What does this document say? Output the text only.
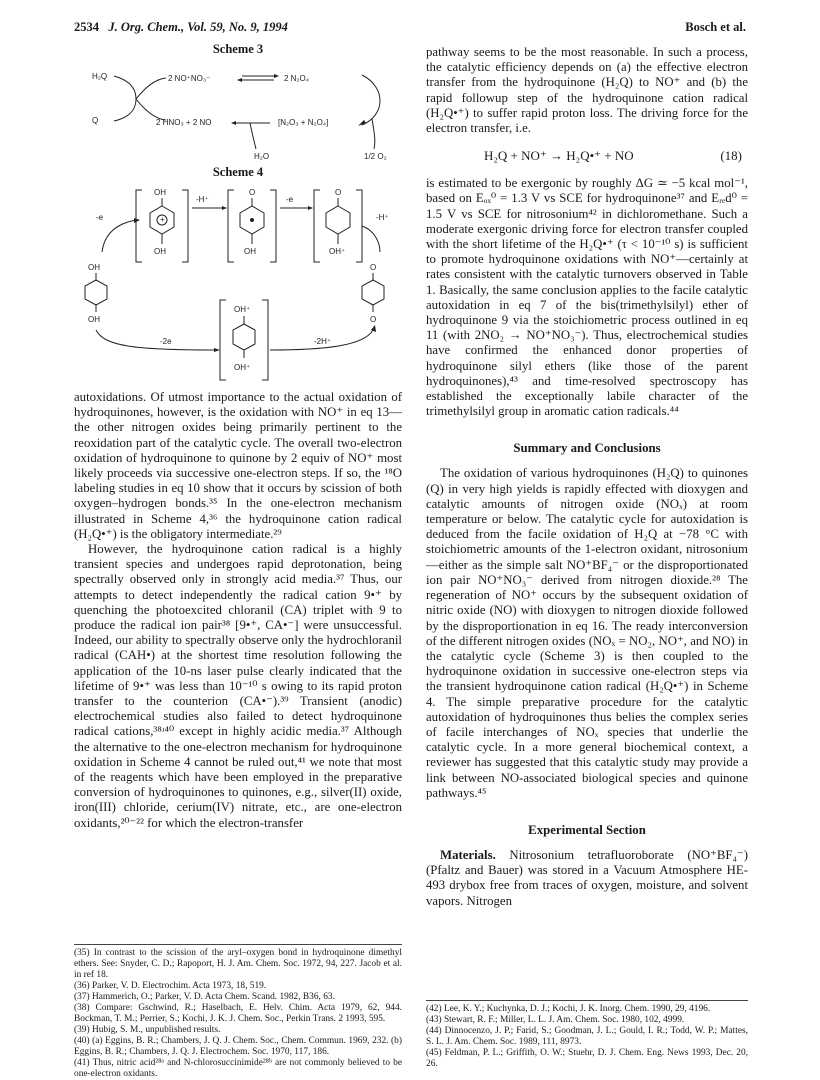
2534 J. Org. Chem., Vol. 59, No. 9, 1994	Bosch et al.
Scheme 3
H₂Q
Q
2 NO⁺NO₃⁻	2 N₂O₄
2 HNO₃ + 2 NO
H₂O
[N₂O₃ + N₂O₄]
1/2 O₂
Scheme 4
+
OH
OH
-H⁺
O
OH
-e
O
OH⁺
-H⁺
-e
OH
OH
O
O
OH⁺
OH⁺
-2e	-2H⁺

autoxidations. Of utmost importance to the actual oxidation of hydroquinones, however, is the oxidation with NO⁺ in eq 13—the other nitrogen oxides being primarily pertinent to the reoxidation part of the catalytic cycle. The overall two-electron oxidation of hydroquinone to quinone by 2 equiv of NO⁺ most likely proceeds via successive one-electron steps. If so, the ¹⁸O labeling studies in eq 10 show that it occurs by scission of both oxygen–hydrogen bonds.³⁵ In the one-electron mechanism illustrated in Scheme 4,³⁶ the hydroquinone cation radical (H₂Q•⁺) is the obligatory intermediate.²⁹

However, the hydroquinone cation radical is a highly transient species and undergoes rapid deprotonation, being spectrally observed only in strongly acid media.³⁷ Thus, our attempts to detect independently the radical cation 9•⁺ by quenching the photoexcited chloranil (CA) triplet with 9 to produce the radical ion pair³⁸ [9•⁺, CA•⁻] were unsuccessful. Indeed, our ability to spectrally observe only the hydrochloranil radical (CAH•) at the shortest time resolution following the application of the 10-ns laser pulse clearly indicated that the lifetime of 9•⁺ was less than 10⁻¹⁰ s owing to its rapid proton transfer to the counterion (CA•⁻).³⁹ Transient (anodic) electrochemical studies also failed to detect hydroquinone radical cations,³⁸ʴ⁴⁰ except in highly acidic media.³⁷ Although the alternative to the one-electron mechanism for hydroquinone oxidation in Scheme 4 cannot be ruled out,⁴¹ we note that most of the reagents which have been employed in the preparative conversion of hydroquinones to quinones, e.g., silver(II) oxide, iron(III) chloride, cerium(IV) nitrate, etc., are one-electron oxidants,²⁰⁻²² for which the electron-transfer

(35) In contrast to the scission of the aryl–oxygen bond in hydroquinone dimethyl ethers. See: Snyder, C. D.; Rapoport, H. J. Am. Chem. Soc. 1972, 94, 227. Jacob et al. in ref 18.

(36) Parker, V. D. Electrochim. Acta 1973, 18, 519.

(37) Hammerich, O.; Parker, V. D. Acta Chem. Scand. 1982, B36, 63.

(38) Compare: Gschwind, R.; Haselbach, E. Helv. Chim. Acta 1979, 62, 944. Bockman, T. M.; Perrier, S.; Kochi, J. K. J. Chem. Soc., Perkin Trans. 2 1993, 595.

(39) Hubig, S. M., unpublished results.

(40) (a) Eggins, B. R.; Chambers, J. Q. J. Chem. Soc., Chem. Commun. 1969, 232. (b) Eggins, B. R.; Chambers, J. Q. J. Electrochem. Soc. 1970, 117, 186.

(41) Thus, nitric acid²⁸ᵃ and N-chlorosuccinimide²⁸ᵇ are not commonly believed to be one-electron oxidants.

pathway seems to be the most reasonable. In such a process, the catalytic efficiency depends on (a) the effective electron transfer from the hydroquinone (H₂Q) to NO⁺ and (b) the rapid followup step of the hydroquinone cation radical (H₂Q•⁺) to suffer rapid proton loss. The driving force for the electron transfer, i.e.

H₂Q + NO⁺ → H₂Q•⁺ + NO	(18)

is estimated to be exergonic by roughly ΔG ≃ −5 kcal mol⁻¹, based on Eₒₓ⁰ = 1.3 V vs SCE for hydroquinone³⁷ and Eᵣₑd⁰ = 1.5 V vs SCE for nitrosonium⁴² in dichloromethane. Such a moderate exergonic driving force for electron transfer coupled with the short lifetime of the H₂Q•⁺ (τ < 10⁻¹⁰ s) is sufficient to promote hydroquinone oxidations with NO⁺—certainly at rates consistent with the catalytic turnovers observed in Table 1. Basically, the same conclusion applies to the facile catalytic autoxidation in eq 7 of the bis(trimethylsilyl) ether of hydroquinone 9 via the stoichiometric process outlined in eq 11 (with 2NO₂ → NO⁺NO₃⁻). Thus, electrochemical studies have confirmed the enhanced donor properties of hydroquinone silyl ethers (like those of the parent hydroquinones),⁴³ and time-resolved spectroscopy has established the exceptionally labile character of the trimethylsilyl group in aromatic cation radicals.⁴⁴

Summary and Conclusions

The oxidation of various hydroquinones (H₂Q) to quinones (Q) in very high yields is rapidly effected with dioxygen and catalytic amounts of nitrogen oxide (NOₓ) at room temperature or below. The catalytic cycle for autoxidation is deduced from the facile oxidation of H₂Q at −78 °C with stoichiometric amounts of the 1-electron oxidant, nitrosonium—either as the simple salt NO⁺BF₄⁻ or the disproportionated ion pair NO⁺NO₃⁻ derived from nitrogen dioxide.²⁸ The regeneration of NO⁺ occurs by the subsequent oxidation of nitric oxide (NO) with dioxygen to nitrogen dioxide followed by the disproportionation in eq 16. The ready interconversion of the different nitrogen oxides (NOₓ = NO₂, NO⁺, and NO) in the catalytic cycle (Scheme 3) is then coupled to the hydroquinone oxidation in successive one-electron steps via the transient hydroquinone cation radical (H₂Q•⁺) in Scheme 4. The simple preparative procedure for the catalytic autoxidation of hydroquinones thus belies the complex series of facile interchanges of NOₓ species that underlie the catalytic cycle. In a more general biochemical context, a reviewer has suggested that this catalytic study may provide a link between NO-associated biological species and quinone pathways.⁴⁵

Experimental Section

Materials. Nitrosonium tetrafluoroborate (NO⁺BF₄⁻) (Pfaltz and Bauer) was stored in a Vacuum Atmosphere HE-493 drybox free from traces of oxygen, moisture, and solvent vapors. Nitrogen

(42) Lee, K. Y.; Kuchynka, D. J.; Kochi, J. K. Inorg. Chem. 1990, 29, 4196.

(43) Stewart, R. F.; Miller, L. L. J. Am. Chem. Soc. 1980, 102, 4999.

(44) Dinnocenzo, J. P.; Farid, S.; Goodman, J. L.; Gould, I. R.; Todd, W. P.; Mattes, S. L. J. Am. Chem. Soc. 1989, 111, 8973.

(45) Feldman, P. L.; Griffith, O. W.; Stuehr, D. J. Chem. Eng. News 1993, Dec. 20, 26.
